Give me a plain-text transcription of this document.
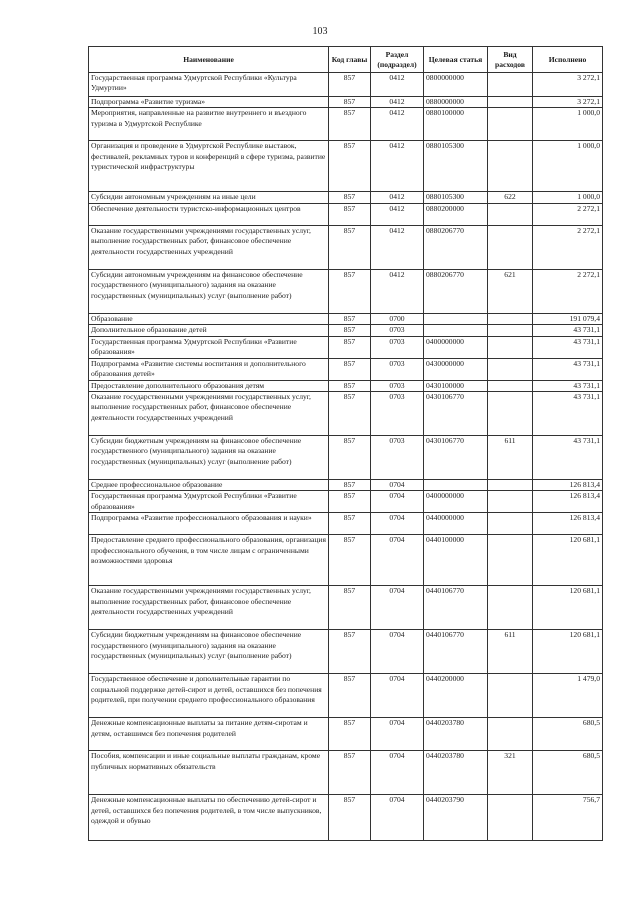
103
Наименование	Код главы	Раздел (подраздел)	Целевая статья	Вид расходов	Исполнено
Государственная программа Удмуртской Республики «Культура Удмуртии»	857	0412	0800000000		3 272,1
Подпрограмма «Развитие туризма»	857	0412	0880000000		3 272,1
Мероприятия, направленные на развитие внутреннего и въездного туризма в Удмуртской Республике	857	0412	0880100000		1 000,0
Организация и проведение в Удмуртской Республике выставок, фестивалей, рекламных туров и конференций в сфере туризма, развитие туристической инфраструктуры	857	0412	0880105300		1 000,0
Субсидии автономным учреждениям на иные цели	857	0412	0880105300	622	1 000,0
Обеспечение деятельности туристско-информационных центров	857	0412	0880200000		2 272,1
Оказание государственными учреждениями государственных услуг, выполнение государственных работ, финансовое обеспечение деятельности государственных учреждений	857	0412	0880206770		2 272,1
Субсидии автономным учреждениям на финансовое обеспечение государственного (муниципального) задания на оказание государственных (муниципальных) услуг (выполнение работ)	857	0412	0880206770	621	2 272,1
Образование	857	0700			191 079,4
Дополнительное образование детей	857	0703			43 731,1
Государственная программа Удмуртской Республики «Развитие образования»	857	0703	0400000000		43 731,1
Подпрограмма «Развитие системы воспитания и дополнительного образования детей»	857	0703	0430000000		43 731,1
Предоставление дополнительного образования детям	857	0703	0430100000		43 731,1
Оказание государственными учреждениями государственных услуг, выполнение государственных работ, финансовое обеспечение деятельности государственных учреждений	857	0703	0430106770		43 731,1
Субсидии бюджетным учреждениям на финансовое обеспечение государственного (муниципального) задания на оказание государственных (муниципальных) услуг (выполнение работ)	857	0703	0430106770	611	43 731,1
Среднее профессиональное образование	857	0704			126 813,4
Государственная программа Удмуртской Республики «Развитие образования»	857	0704	0400000000		126 813,4
Подпрограмма «Развитие профессионального образования и науки»	857	0704	0440000000		126 813,4
Предоставление среднего профессионального образования, организация профессионального обучения, в том числе лицам с ограниченными возможностями здоровья	857	0704	0440100000		120 681,1
Оказание государственными учреждениями государственных услуг, выполнение государственных работ, финансовое обеспечение деятельности государственных учреждений	857	0704	0440106770		120 681,1
Субсидии бюджетным учреждениям на финансовое обеспечение государственного (муниципального) задания на оказание государственных (муниципальных) услуг (выполнение работ)	857	0704	0440106770	611	120 681,1
Государственное обеспечение и дополнительные гарантии по социальной поддержке детей-сирот и детей, оставшихся без попечения родителей, при получении среднего профессионального образования	857	0704	0440200000		1 479,0
Денежные компенсационные выплаты за питание детям-сиротам и детям, оставшимся без попечения родителей	857	0704	0440203780		680,5
Пособия, компенсации и иные социальные выплаты гражданам, кроме публичных нормативных обязательств	857	0704	0440203780	321	680,5
Денежные компенсационные выплаты по обеспечению детей-сирот и детей, оставшихся без попечения родителей, в том числе выпускников, одеждой и обувью	857	0704	0440203790		756,7
